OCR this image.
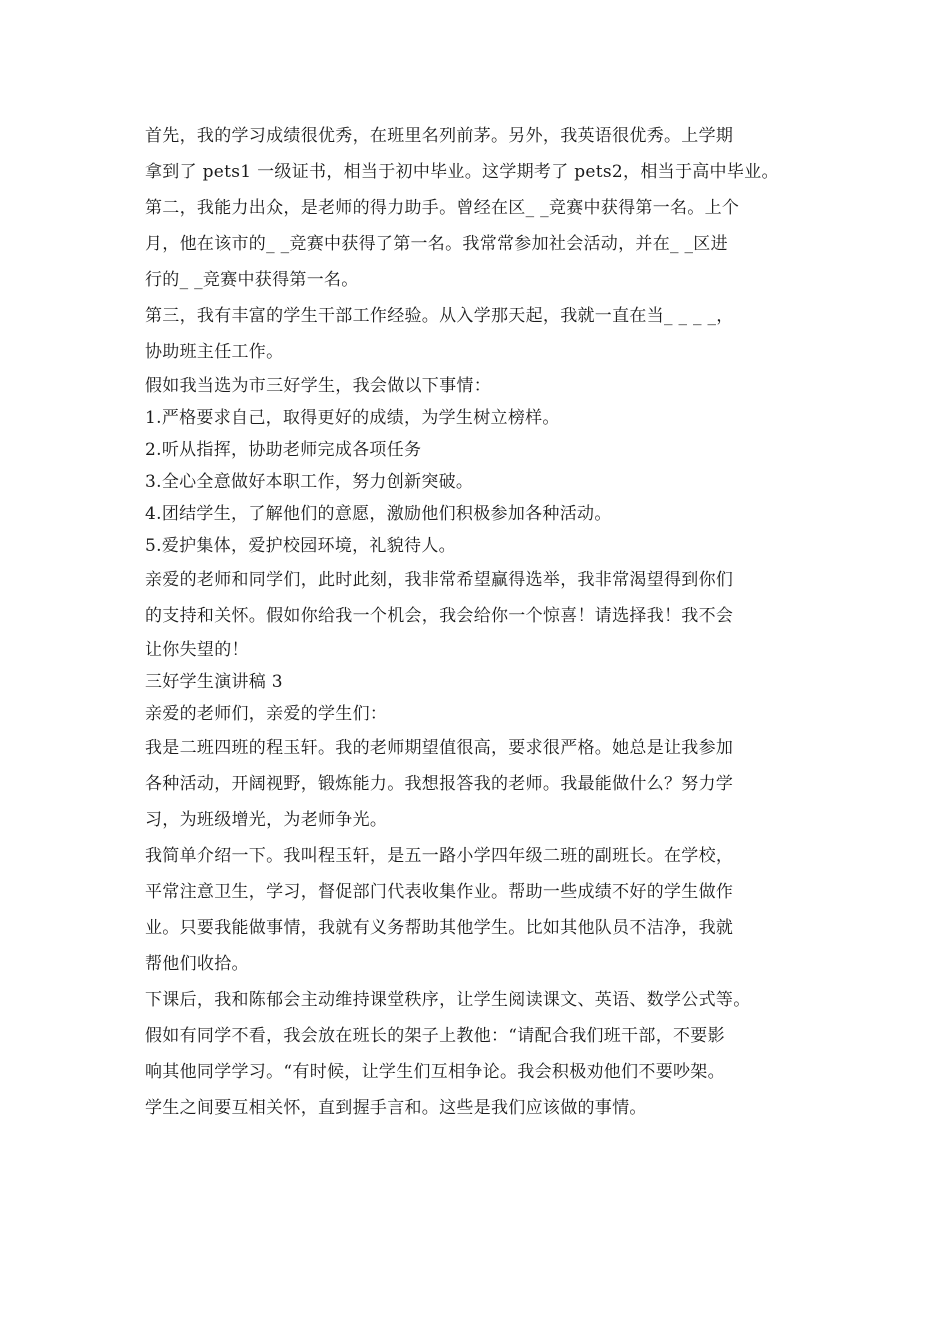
首先，我的学习成绩很优秀，在班里名列前茅。另外，我英语很优秀。上学期
拿到了 pets1 一级证书，相当于初中毕业。这学期考了 pets2，相当于高中毕业。
第二，我能力出众，是老师的得力助手。曾经在区_ _竞赛中获得第一名。上个
月，他在该市的_ _竞赛中获得了第一名。我常常参加社会活动，并在_ _区进
行的_ _竞赛中获得第一名。
第三，我有丰富的学生干部工作经验。从入学那天起，我就一直在当_ _ _ _，
协助班主任工作。
假如我当选为市三好学生，我会做以下事情：
1.严格要求自己，取得更好的成绩，为学生树立榜样。
2.听从指挥，协助老师完成各项任务
3.全心全意做好本职工作，努力创新突破。
4.团结学生，了解他们的意愿，激励他们积极参加各种活动。
5.爱护集体，爱护校园环境，礼貌待人。
亲爱的老师和同学们，此时此刻，我非常希望赢得选举，我非常渴望得到你们
的支持和关怀。假如你给我一个机会，我会给你一个惊喜！请选择我！我不会
让你失望的！
三好学生演讲稿 3
亲爱的老师们，亲爱的学生们：
我是二班四班的程玉轩。我的老师期望值很高，要求很严格。她总是让我参加
各种活动，开阔视野，锻炼能力。我想报答我的老师。我最能做什么？努力学
习，为班级增光，为老师争光。
我简单介绍一下。我叫程玉轩，是五一路小学四年级二班的副班长。在学校，
平常注意卫生，学习，督促部门代表收集作业。帮助一些成绩不好的学生做作
业。只要我能做事情，我就有义务帮助其他学生。比如其他队员不洁净，我就
帮他们收拾。
下课后，我和陈郁会主动维持课堂秩序，让学生阅读课文、英语、数学公式等。
假如有同学不看，我会放在班长的架子上教他：“请配合我们班干部，不要影
响其他同学学习。“有时候，让学生们互相争论。我会积极劝他们不要吵架。
学生之间要互相关怀，直到握手言和。这些是我们应该做的事情。
